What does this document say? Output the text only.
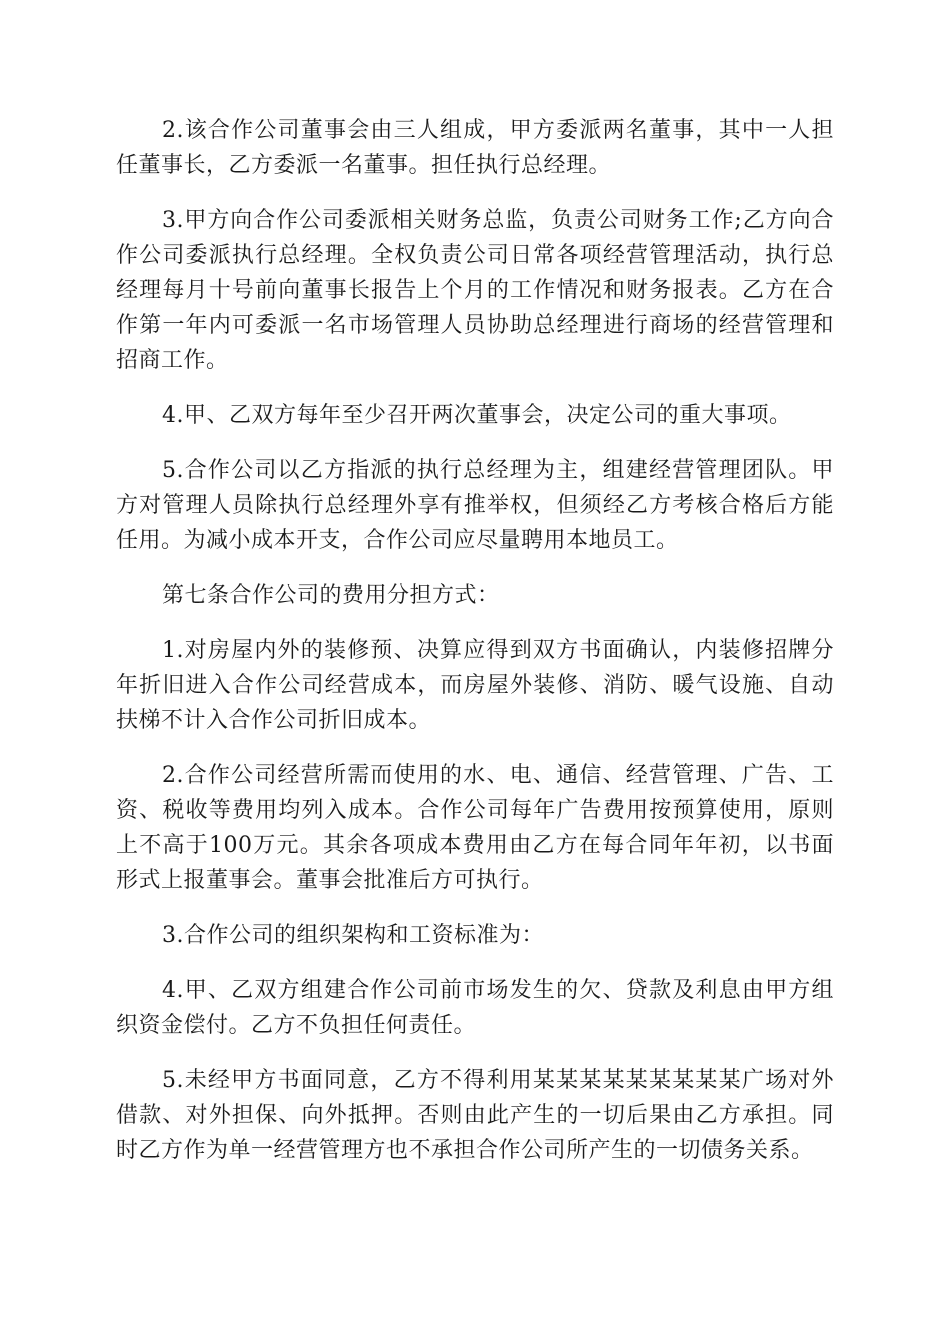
2.该合作公司董事会由三人组成，甲方委派两名董事，其中一人担任董事长，乙方委派一名董事。担任执行总经理。

3.甲方向合作公司委派相关财务总监，负责公司财务工作;乙方向合作公司委派执行总经理。全权负责公司日常各项经营管理活动，执行总经理每月十号前向董事长报告上个月的工作情况和财务报表。乙方在合作第一年内可委派一名市场管理人员协助总经理进行商场的经营管理和招商工作。

4.甲、乙双方每年至少召开两次董事会，决定公司的重大事项。

5.合作公司以乙方指派的执行总经理为主，组建经营管理团队。甲方对管理人员除执行总经理外享有推举权，但须经乙方考核合格后方能任用。为减小成本开支，合作公司应尽量聘用本地员工。

第七条合作公司的费用分担方式：

1.对房屋内外的装修预、决算应得到双方书面确认，内装修招牌分年折旧进入合作公司经营成本，而房屋外装修、消防、暖气设施、自动扶梯不计入合作公司折旧成本。

2.合作公司经营所需而使用的水、电、通信、经营管理、广告、工资、税收等费用均列入成本。合作公司每年广告费用按预算使用，原则上不高于100万元。其余各项成本费用由乙方在每合同年年初，以书面形式上报董事会。董事会批准后方可执行。

3.合作公司的组织架构和工资标准为：

4.甲、乙双方组建合作公司前市场发生的欠、贷款及利息由甲方组织资金偿付。乙方不负担任何责任。

5.未经甲方书面同意，乙方不得利用某某某某某某某某某广场对外借款、对外担保、向外抵押。否则由此产生的一切后果由乙方承担。同时乙方作为单一经营管理方也不承担合作公司所产生的一切债务关系。
